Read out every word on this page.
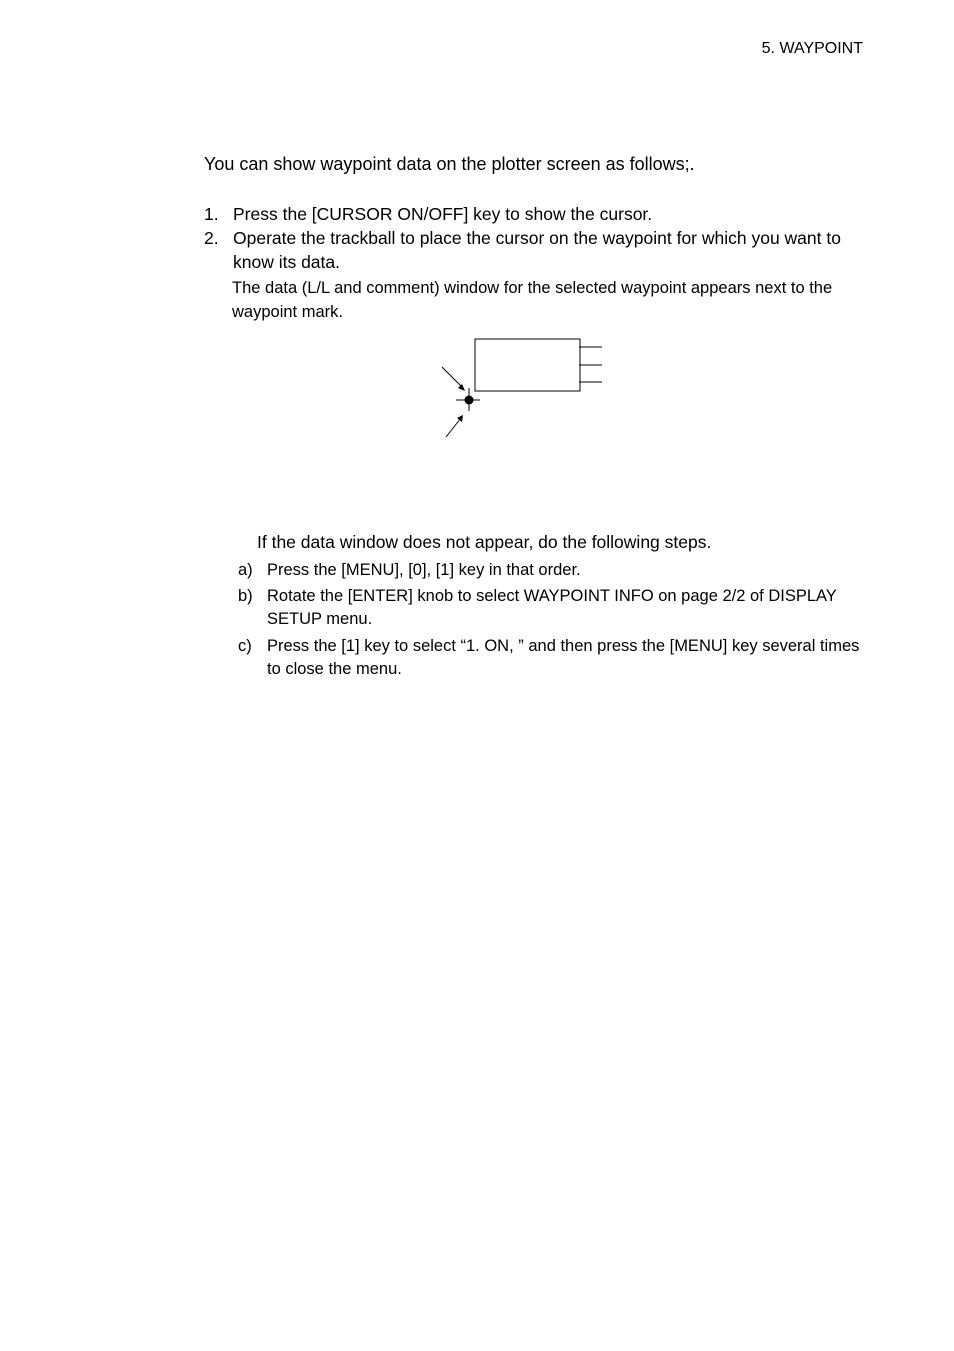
5. WAYPOINT
You can show waypoint data on the plotter screen as follows;.
1. Press the [CURSOR ON/OFF] key to show the cursor.
2. Operate the trackball to place the cursor on the waypoint for which you want to know its data.
The data (L/L and comment) window for the selected waypoint appears next to the waypoint mark.
If the data window does not appear, do the following steps.
a) Press the [MENU], [0], [1] key in that order.
b) Rotate the [ENTER] knob to select WAYPOINT INFO on page 2/2 of DISPLAY SETUP menu.
c) Press the [1] key to select “1. ON, ” and then press the [MENU] key several times to close the menu.
